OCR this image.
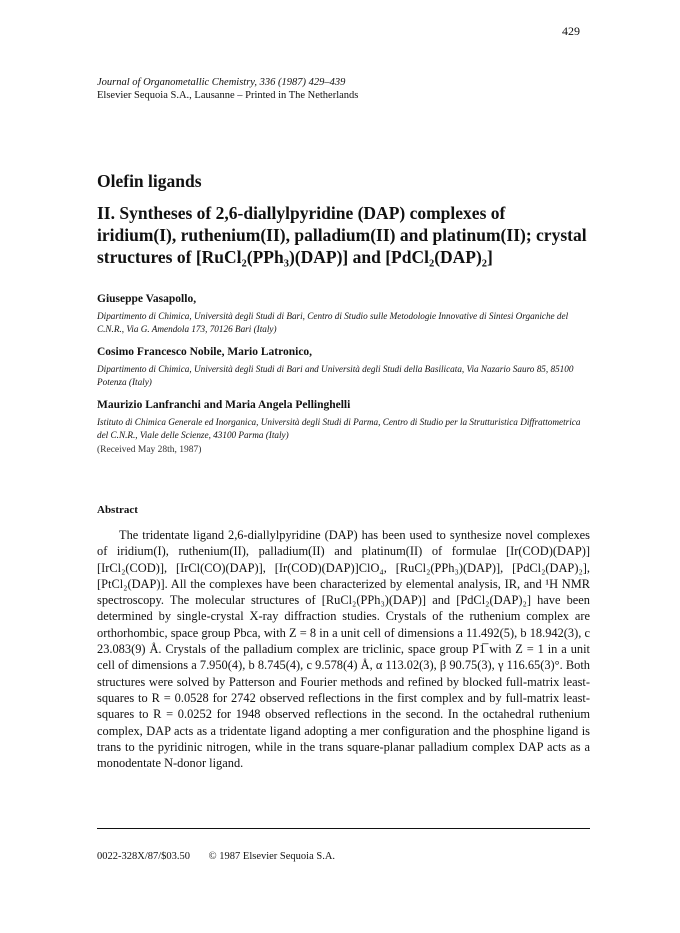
429
Journal of Organometallic Chemistry, 336 (1987) 429–439
Elsevier Sequoia S.A., Lausanne – Printed in The Netherlands
Olefin ligands
II. Syntheses of 2,6-diallylpyridine (DAP) complexes of iridium(I), ruthenium(II), palladium(II) and platinum(II); crystal structures of [RuCl₂(PPh₃)(DAP)] and [PdCl₂(DAP)₂]
Giuseppe Vasapollo,
Dipartimento di Chimica, Università degli Studi di Bari, Centro di Studio sulle Metodologie Innovative di Sintesi Organiche del C.N.R., Via G. Amendola 173, 70126 Bari (Italy)
Cosimo Francesco Nobile, Mario Latronico,
Dipartimento di Chimica, Università degli Studi di Bari and Università degli Studi della Basilicata, Via Nazario Sauro 85, 85100 Potenza (Italy)
Maurizio Lanfranchi and Maria Angela Pellinghelli
Istituto di Chimica Generale ed Inorganica, Università degli Studi di Parma, Centro di Studio per la Strutturistica Diffrattometrica del C.N.R., Viale delle Scienze, 43100 Parma (Italy)
(Received May 28th, 1987)
Abstract
The tridentate ligand 2,6-diallylpyridine (DAP) has been used to synthesize novel complexes of iridium(I), ruthenium(II), palladium(II) and platinum(II) of formulae [Ir(COD)(DAP)][IrCl₂(COD)], [IrCl(CO)(DAP)], [Ir(COD)(DAP)]ClO₄, [RuCl₂(PPh₃)(DAP)], [PdCl₂(DAP)₂], [PtCl₂(DAP)]. All the complexes have been characterized by elemental analysis, IR, and ¹H NMR spectroscopy. The molecular structures of [RuCl₂(PPh₃)(DAP)] and [PdCl₂(DAP)₂] have been determined by single-crystal X-ray diffraction studies. Crystals of the ruthenium complex are orthorhombic, space group Pbca, with Z = 8 in a unit cell of dimensions a 11.492(5), b 18.942(3), c 23.083(9) Å. Crystals of the palladium complex are triclinic, space group P1̅ with Z = 1 in a unit cell of dimensions a 7.950(4), b 8.745(4), c 9.578(4) Å, α 113.02(3), β 90.75(3), γ 116.65(3)°. Both structures were solved by Patterson and Fourier methods and refined by blocked full-matrix least-squares to R = 0.0528 for 2742 observed reflections in the first complex and by full-matrix least-squares to R = 0.0252 for 1948 observed reflections in the second. In the octahedral ruthenium complex, DAP acts as a tridentate ligand adopting a mer configuration and the phosphine ligand is trans to the pyridinic nitrogen, while in the trans square-planar palladium complex DAP acts as a monodentate N-donor ligand.
0022-328X/87/$03.50 © 1987 Elsevier Sequoia S.A.
